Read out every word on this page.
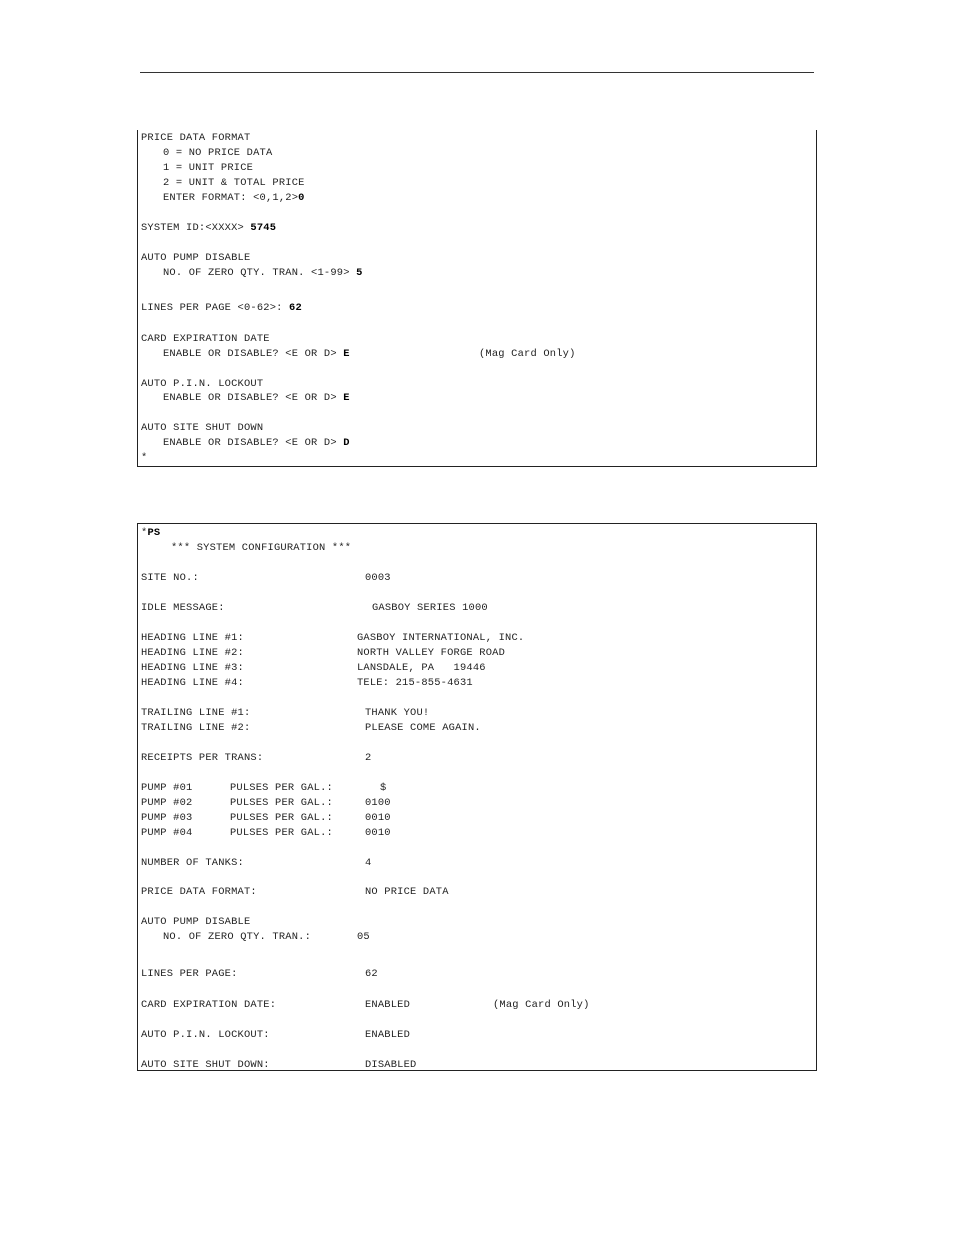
PRICE DATA FORMAT
0 = NO PRICE DATA
1 = UNIT PRICE
2 = UNIT & TOTAL PRICE
ENTER FORMAT: <0,1,2>0
SYSTEM ID:<XXXX> 5745
AUTO PUMP DISABLE
NO. OF ZERO QTY. TRAN. <1-99> 5
LINES PER PAGE <0-62>: 62
CARD EXPIRATION DATE
ENABLE OR DISABLE? <E OR D> E	(Mag Card Only)
AUTO P.I.N. LOCKOUT
ENABLE OR DISABLE? <E OR D> E
AUTO SITE SHUT DOWN
ENABLE OR DISABLE? <E OR D> D
*
*PS
*** SYSTEM CONFIGURATION ***
SITE NO.:	0003
IDLE MESSAGE:	GASBOY SERIES 1000
HEADING LINE #1:	GASBOY INTERNATIONAL, INC.
HEADING LINE #2:	NORTH VALLEY FORGE ROAD
HEADING LINE #3:	LANSDALE, PA   19446
HEADING LINE #4:	TELE: 215-855-4631
TRAILING LINE #1:	THANK YOU!
TRAILING LINE #2:	PLEASE COME AGAIN.
RECEIPTS PER TRANS:	2
PUMP #01	PULSES PER GAL.:	$
PUMP #02	PULSES PER GAL.:	0100
PUMP #03	PULSES PER GAL.:	0010
PUMP #04	PULSES PER GAL.:	0010
NUMBER OF TANKS:	4
PRICE DATA FORMAT:	NO PRICE DATA
AUTO PUMP DISABLE
NO. OF ZERO QTY. TRAN.:	05
LINES PER PAGE:	62
CARD EXPIRATION DATE:	ENABLED	(Mag Card Only)
AUTO P.I.N. LOCKOUT:	ENABLED
AUTO SITE SHUT DOWN:	DISABLED
